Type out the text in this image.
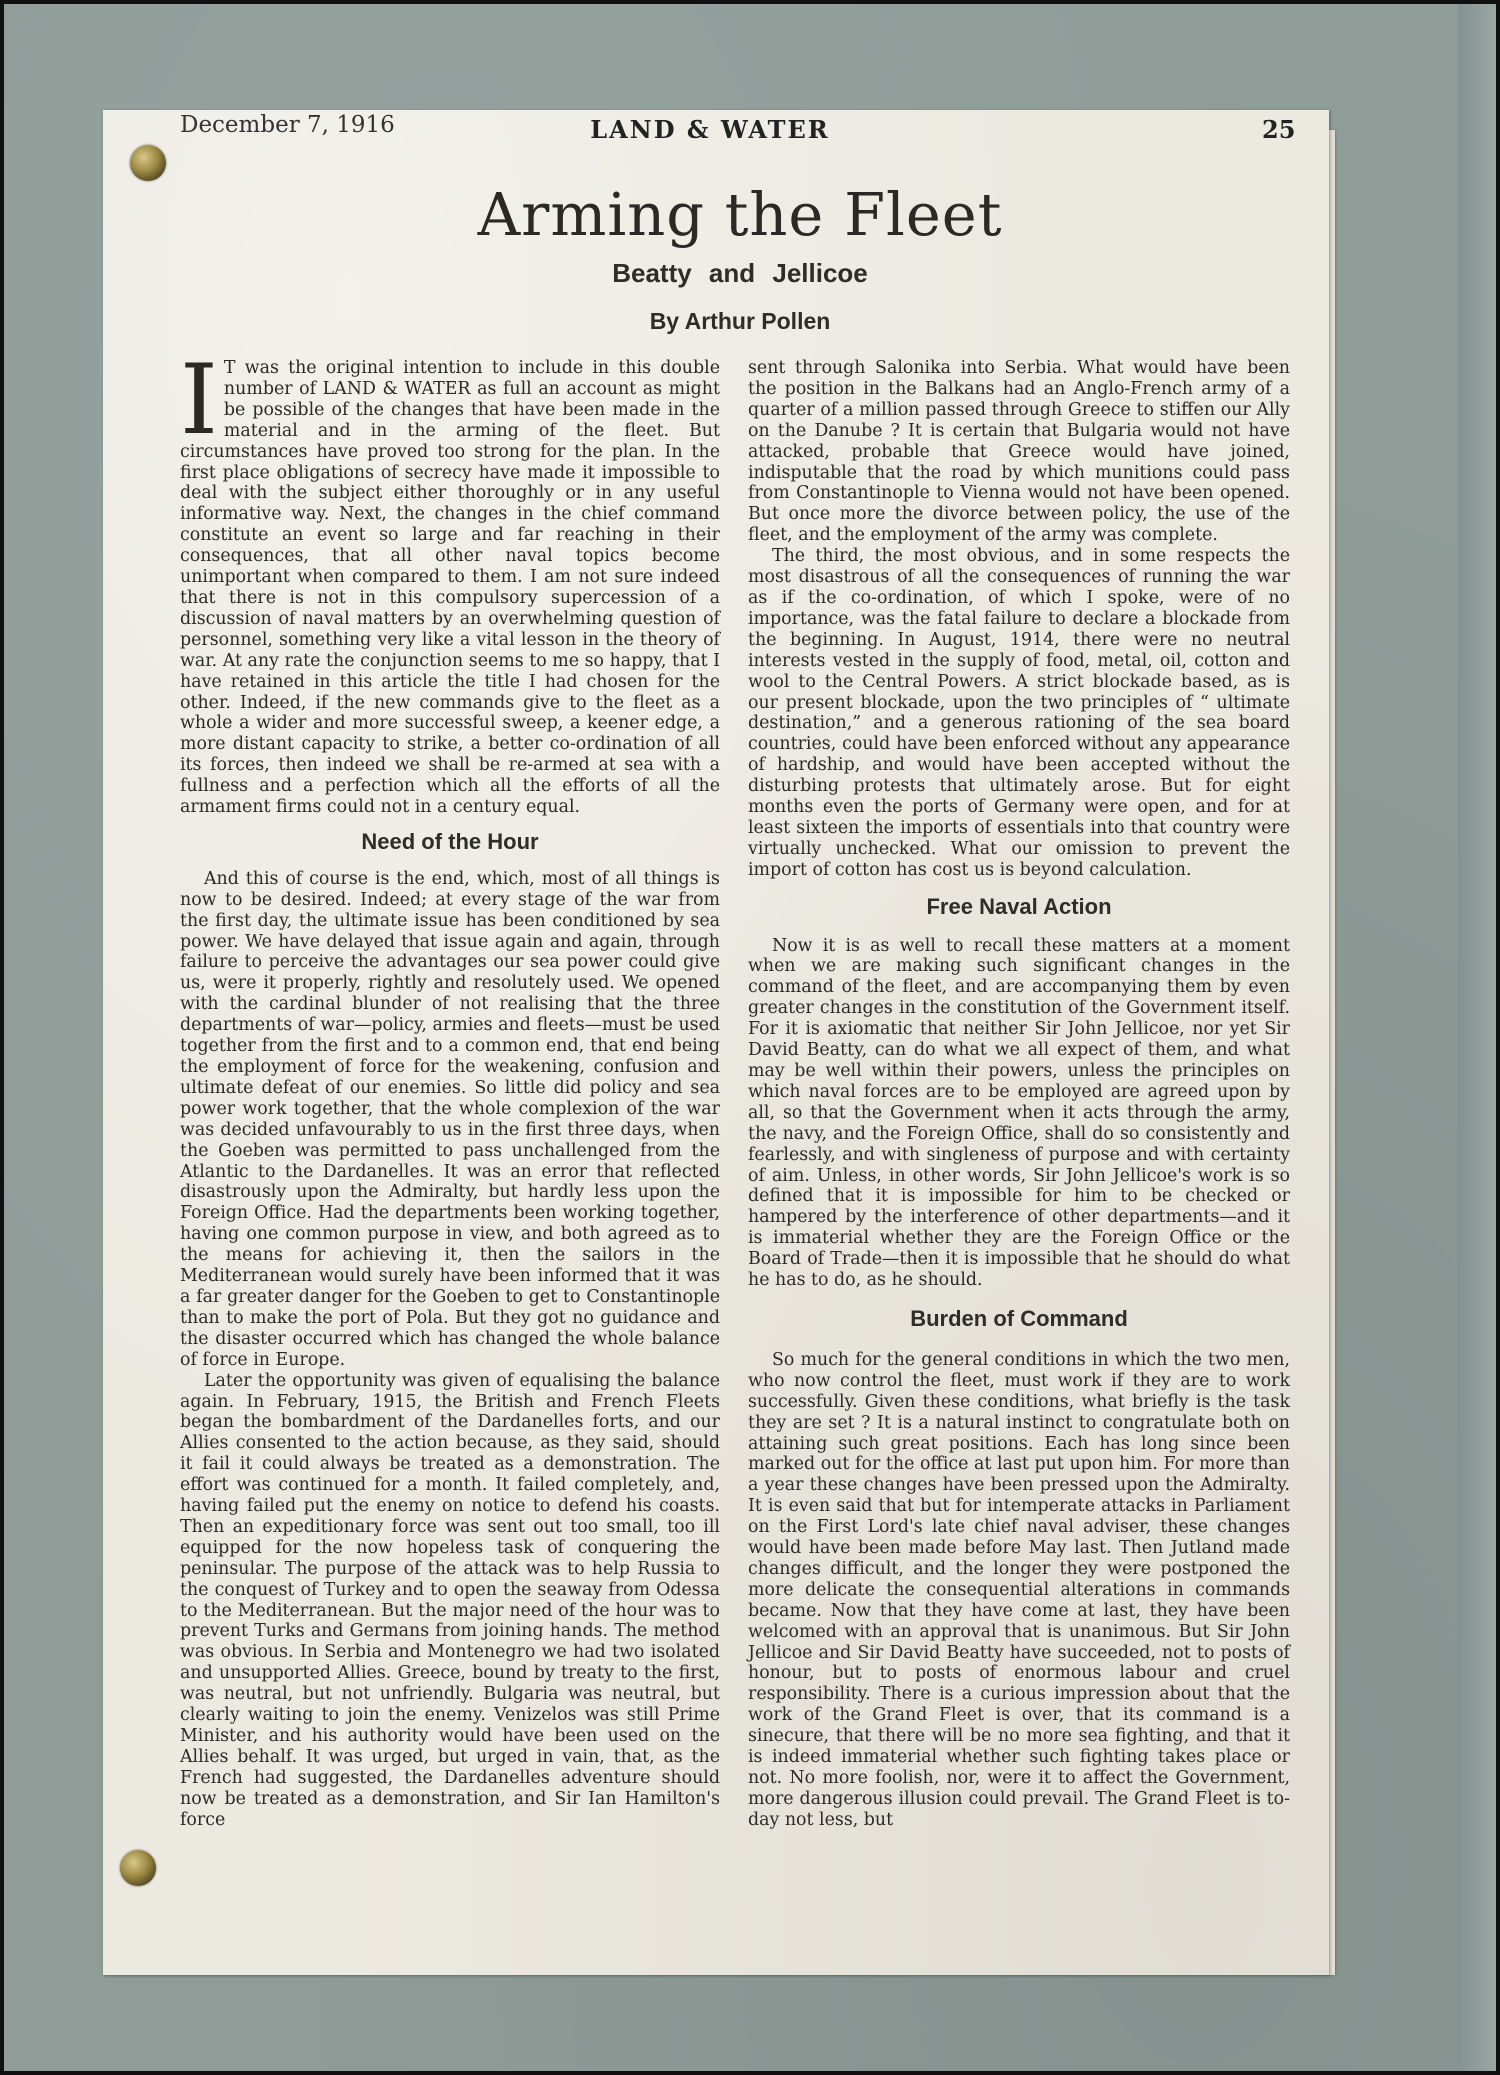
December 7, 1916	LAND & WATER	25
Arming the Fleet
Beatty and Jellicoe
By Arthur Pollen

I T was the original intention to include in this double number of LAND & WATER as full an account as might be possible of the changes that have been made in the material and in the arming of the fleet. But circumstances have proved too strong for the plan. In the first place obligations of secrecy have made it impossible to deal with the subject either thoroughly or in any useful informative way. Next, the changes in the chief command constitute an event so large and far reaching in their consequences, that all other naval topics become unimportant when compared to them. I am not sure indeed that there is not in this compulsory supercession of a discussion of naval matters by an overwhelming question of personnel, something very like a vital lesson in the theory of war. At any rate the conjunction seems to me so happy, that I have retained in this article the title I had chosen for the other. Indeed, if the new commands give to the fleet as a whole a wider and more successful sweep, a keener edge, a more distant capacity to strike, a better co-ordination of all its forces, then indeed we shall be re-armed at sea with a fullness and a perfection which all the efforts of all the armament firms could not in a century equal.

Need of the Hour

And this of course is the end, which, most of all things is now to be desired. Indeed; at every stage of the war from the first day, the ultimate issue has been conditioned by sea power. We have delayed that issue again and again, through failure to perceive the advantages our sea power could give us, were it properly, rightly and resolutely used. We opened with the cardinal blunder of not realising that the three departments of war—policy, armies and fleets—must be used together from the first and to a common end, that end being the employment of force for the weakening, confusion and ultimate defeat of our enemies. So little did policy and sea power work together, that the whole complexion of the war was decided unfavourably to us in the first three days, when the Goeben was permitted to pass unchallenged from the Atlantic to the Dardanelles. It was an error that reflected disastrously upon the Admiralty, but hardly less upon the Foreign Office. Had the departments been working together, having one common purpose in view, and both agreed as to the means for achieving it, then the sailors in the Mediterranean would surely have been informed that it was a far greater danger for the Goeben to get to Constantinople than to make the port of Pola. But they got no guidance and the disaster occurred which has changed the whole balance of force in Europe.

Later the opportunity was given of equalising the balance again. In February, 1915, the British and French Fleets began the bombardment of the Dardanelles forts, and our Allies consented to the action because, as they said, should it fail it could always be treated as a demonstration. The effort was continued for a month. It failed completely, and, having failed put the enemy on notice to defend his coasts. Then an expeditionary force was sent out too small, too ill equipped for the now hopeless task of conquering the peninsular. The purpose of the attack was to help Russia to the conquest of Turkey and to open the seaway from Odessa to the Mediterranean. But the major need of the hour was to prevent Turks and Germans from joining hands. The method was obvious. In Serbia and Montenegro we had two isolated and unsupported Allies. Greece, bound by treaty to the first, was neutral, but not unfriendly. Bulgaria was neutral, but clearly waiting to join the enemy. Venizelos was still Prime Minister, and his authority would have been used on the Allies behalf. It was urged, but urged in vain, that, as the French had suggested, the Dardanelles adventure should now be treated as a demonstration, and Sir Ian Hamilton's force

sent through Salonika into Serbia. What would have been the position in the Balkans had an Anglo-French army of a quarter of a million passed through Greece to stiffen our Ally on the Danube ? It is certain that Bulgaria would not have attacked, probable that Greece would have joined, indisputable that the road by which munitions could pass from Constantinople to Vienna would not have been opened. But once more the divorce between policy, the use of the fleet, and the employment of the army was complete.

The third, the most obvious, and in some respects the most disastrous of all the consequences of running the war as if the co-ordination, of which I spoke, were of no importance, was the fatal failure to declare a blockade from the beginning. In August, 1914, there were no neutral interests vested in the supply of food, metal, oil, cotton and wool to the Central Powers. A strict blockade based, as is our present blockade, upon the two principles of “ ultimate destination,” and a generous rationing of the sea board countries, could have been enforced without any appearance of hardship, and would have been accepted without the disturbing protests that ultimately arose. But for eight months even the ports of Germany were open, and for at least sixteen the imports of essentials into that country were virtually unchecked. What our omission to prevent the import of cotton has cost us is beyond calculation.

Free Naval Action

Now it is as well to recall these matters at a moment when we are making such significant changes in the command of the fleet, and are accompanying them by even greater changes in the constitution of the Government itself. For it is axiomatic that neither Sir John Jellicoe, nor yet Sir David Beatty, can do what we all expect of them, and what may be well within their powers, unless the principles on which naval forces are to be employed are agreed upon by all, so that the Government when it acts through the army, the navy, and the Foreign Office, shall do so consistently and fearlessly, and with singleness of purpose and with certainty of aim. Unless, in other words, Sir John Jellicoe's work is so defined that it is impossible for him to be checked or hampered by the interference of other departments—and it is immaterial whether they are the Foreign Office or the Board of Trade—then it is impossible that he should do what he has to do, as he should.

Burden of Command

So much for the general conditions in which the two men, who now control the fleet, must work if they are to work successfully. Given these conditions, what briefly is the task they are set ? It is a natural instinct to congratulate both on attaining such great positions. Each has long since been marked out for the office at last put upon him. For more than a year these changes have been pressed upon the Admiralty. It is even said that but for intemperate attacks in Parliament on the First Lord's late chief naval adviser, these changes would have been made before May last. Then Jutland made changes difficult, and the longer they were postponed the more delicate the consequential alterations in commands became. Now that they have come at last, they have been welcomed with an approval that is unanimous. But Sir John Jellicoe and Sir David Beatty have succeeded, not to posts of honour, but to posts of enormous labour and cruel responsibility. There is a curious impression about that the work of the Grand Fleet is over, that its command is a sinecure, that there will be no more sea fighting, and that it is indeed immaterial whether such fighting takes place or not. No more foolish, nor, were it to affect the Government, more dangerous illusion could prevail. The Grand Fleet is to-day not less, but
